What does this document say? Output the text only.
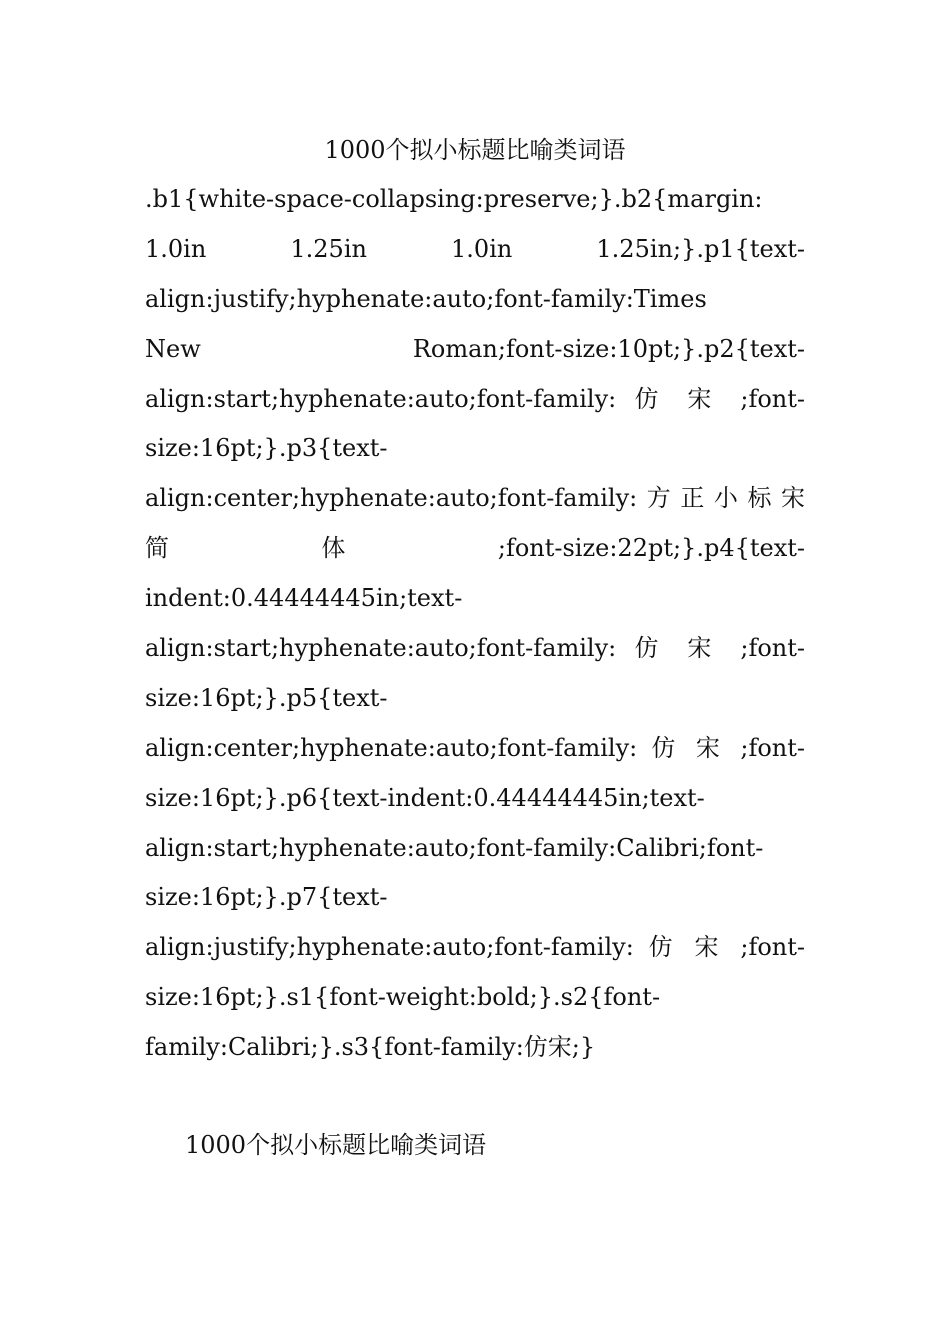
1000个拟小标题比喻类词语
.b1{white-space-collapsing:preserve;}.b2{margin:
1.0in 1.25in 1.0in 1.25in;}.p1{text-
align:justify;hyphenate:auto;font-family:Times
New Roman;font-size:10pt;}.p2{text-
align:start;hyphenate:auto;font-family: 仿 宋 ;font-
size:16pt;}.p3{text-
align:center;hyphenate:auto;font-family:方正小标宋
简 体 ;font-size:22pt;}.p4{text-
indent:0.44444445in;text-
align:start;hyphenate:auto;font-family: 仿 宋 ;font-
size:16pt;}.p5{text-
align:center;hyphenate:auto;font-family: 仿 宋 ;font-
size:16pt;}.p6{text-indent:0.44444445in;text-
align:start;hyphenate:auto;font-family:Calibri;font-
size:16pt;}.p7{text-
align:justify;hyphenate:auto;font-family: 仿 宋 ;font-
size:16pt;}.s1{font-weight:bold;}.s2{font-
family:Calibri;}.s3{font-family:仿宋;}
1000个拟小标题比喻类词语
